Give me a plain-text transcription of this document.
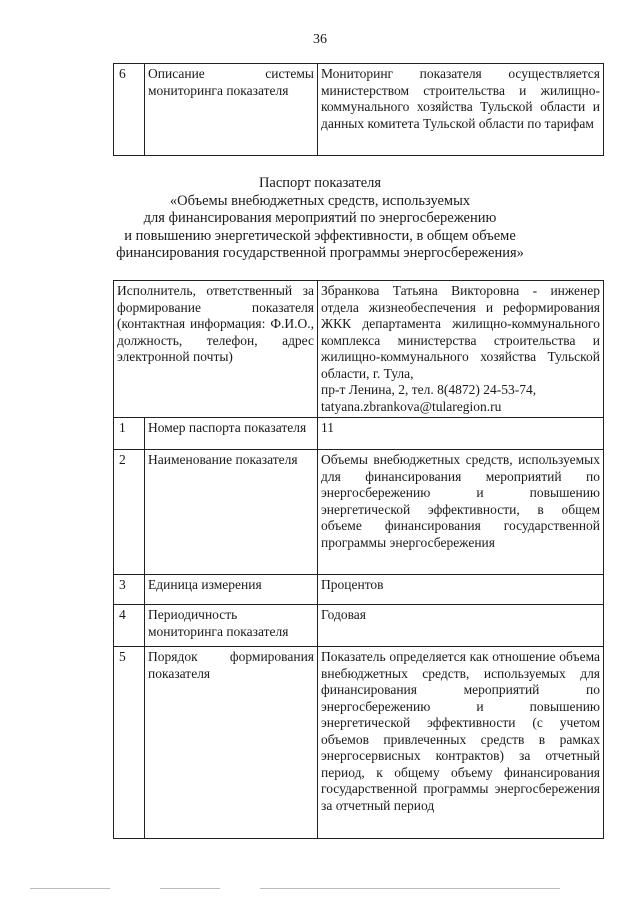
36
6	Описание системы мониторинга показателя	Мониторинг показателя осуществляется министерством строительства и жилищно-коммунального хозяйства Тульской области и данных комитета Тульской области по тарифам
Паспорт показателя
«Объемы внебюджетных средств, используемых
для финансирования мероприятий по энергосбережению
и повышению энергетической эффективности, в общем объеме
финансирования государственной программы энергосбережения»
Исполнитель, ответственный за формирование показателя (контактная информация: Ф.И.О., должность, телефон, адрес электронной почты)		Збранкова Татьяна Викторовна - инженер отдела жизнеобеспечения и реформирования ЖКК департамента жилищно-коммунального комплекса министерства строительства и жилищно-коммунального хозяйства Тульской области, г. Тула,
пр-т Ленина, 2, тел. 8(4872) 24-53-74,
tatyana.zbrankova@tularegion.ru

1	Номер паспорта показателя	11
2	Наименование показателя	Объемы внебюджетных средств, используемых для финансирования мероприятий по энергосбережению и повышению энергетической эффективности, в общем объеме финансирования государственной программы энергосбережения
3	Единица измерения	Процентов
4	Периодичность мониторинга показателя	Годовая
5	Порядок формирования показателя	Показатель определяется как отношение объема внебюджетных средств, используемых для финансирования мероприятий по энергосбережению и повышению энергетической эффективности (с учетом объемов привлеченных средств в рамках энергосервисных контрактов) за отчетный период, к общему объему финансирования государственной программы энергосбережения за отчетный период
